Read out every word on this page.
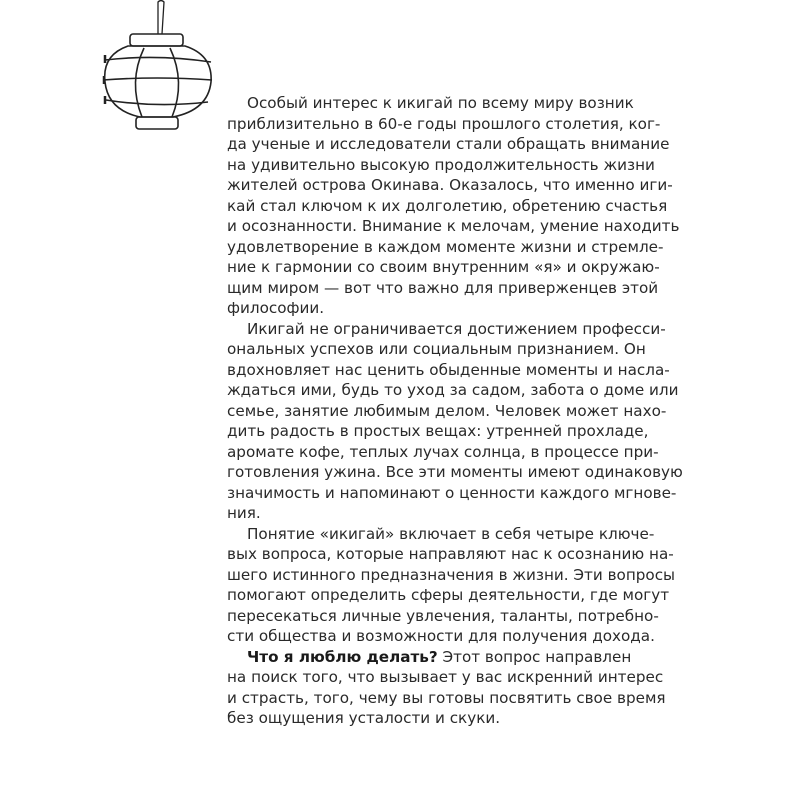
Особый интерес к икигай по всему миру возник
приблизительно в 60-е годы прошлого столетия, ког-
да ученые и исследователи стали обращать внимание
на удивительно высокую продолжительность жизни
жителей острова Окинава. Оказалось, что именно иги-
кай стал ключом к их долголетию, обретению счастья
и осознанности. Внимание к мелочам, умение находить
удовлетворение в каждом моменте жизни и стремле-
ние к гармонии со своим внутренним «я» и окружаю-
щим миром — вот что важно для приверженцев этой
философии.
Икигай не ограничивается достижением професси-
ональных успехов или социальным признанием. Он
вдохновляет нас ценить обыденные моменты и насла-
ждаться ими, будь то уход за садом, забота о доме или
семье, занятие любимым делом. Человек может нахо-
дить радость в простых вещах: утренней прохладе,
аромате кофе, теплых лучах солнца, в процессе при-
готовления ужина. Все эти моменты имеют одинаковую
значимость и напоминают о ценности каждого мгнове-
ния.
Понятие «икигай» включает в себя четыре ключе-
вых вопроса, которые направляют нас к осознанию на-
шего истинного предназначения в жизни. Эти вопросы
помогают определить сферы деятельности, где могут
пересекаться личные увлечения, таланты, потребно-
сти общества и возможности для получения дохода.
Что я люблю делать? Этот вопрос направлен
на поиск того, что вызывает у вас искренний интерес
и страсть, того, чему вы готовы посвятить свое время
без ощущения усталости и скуки.
